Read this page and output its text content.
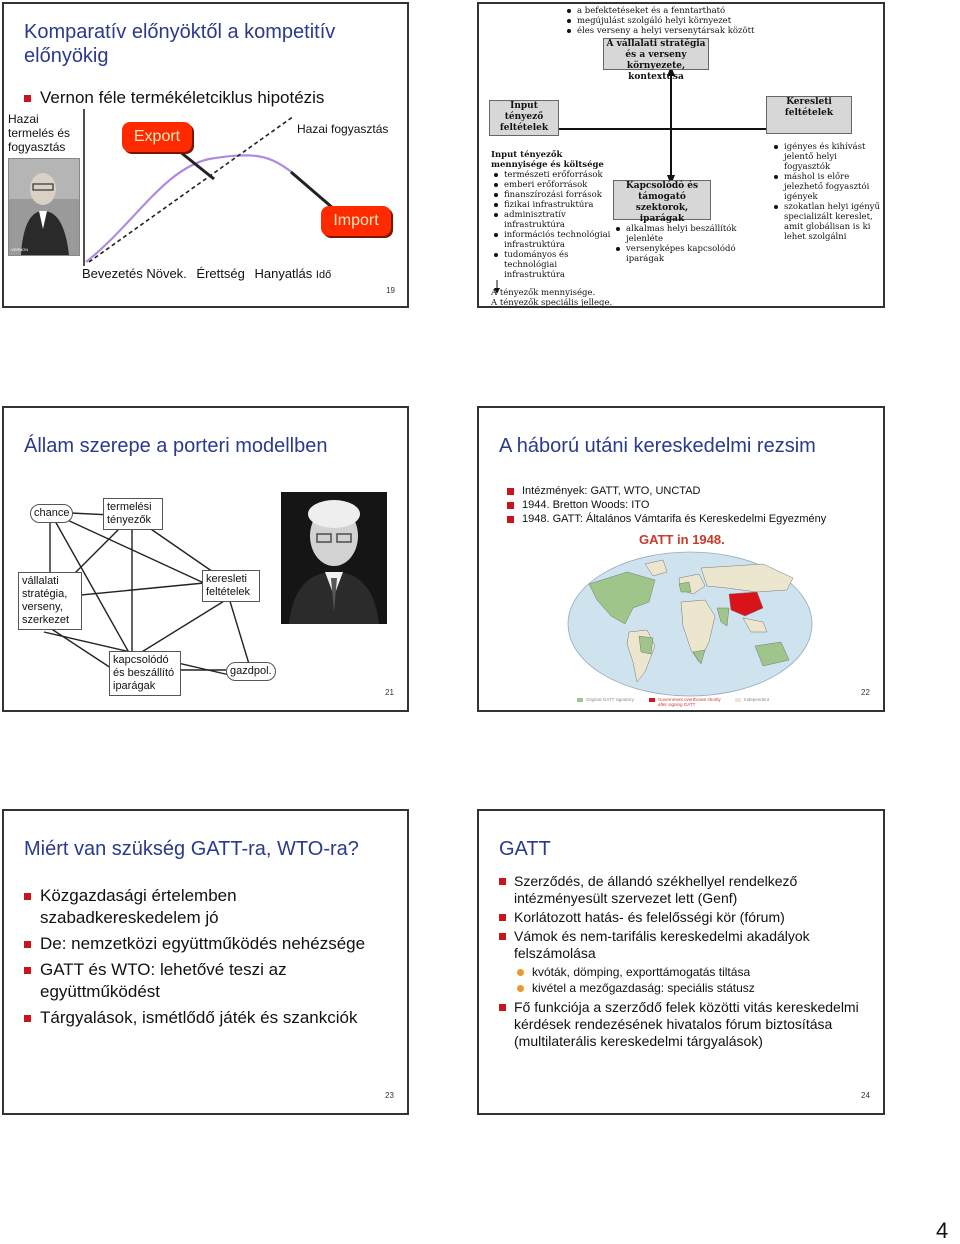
Komparatív előnyöktől a kompetitív előnyökig
Vernon féle termékéletciklus hipotézis
Hazai termelés és fogyasztás
VERNON
Export
Import
Hazai fogyasztás
Bevezetés Növek. Érettség Hanyatlás Idő
19
a befektetéseket és a fenntartható
megújulást szolgáló helyi környezet
éles verseny a helyi versenytársak között
A vállalati stratégia és a verseny környezete, kontextusa
Input tényező feltételek
Keresleti feltételek
Kapcsolódó és támogató szektorok, iparágak
Input tényezők mennyisége és költsége
természeti erőforrások
emberi erőforrások
finanszírozási források
fizikai infrastruktúra
adminisztratív infrastruktúra
információs technológiai infrastruktúra
tudományos és technológiai infrastruktúra
A tényezők mennyisége.
A tényezők speciális jellege.
igényes és kihívást jelentő helyi fogyasztók
máshol is előre jelezhető fogyasztói igények
szokatlan helyi igényű specializált kereslet, amit globálisan is ki lehet szolgálni
alkalmas helyi beszállítók jelenléte
versenyképes kapcsolódó iparágak
Állam szerepe a porteri modellben
chance	termelési tényezők
vállalati stratégia, verseny, szerkezet
keresleti feltételek
kapcsolódó és beszállító iparágak
gazdpol.
21
A háború utáni kereskedelmi rezsim
Intézmények: GATT, WTO, UNCTAD
1944. Bretton Woods: ITO
1948. GATT: Általános Vámtarifa és Kereskedelmi Egyezmény
GATT in 1948.
Original GATT signatory	Government overthrown shortly after signing GATT
Independent
22
Miért van szükség GATT-ra, WTO-ra?
Közgazdasági értelemben szabadkereskedelem jó
De: nemzetközi együttműködés nehézsége
GATT és WTO: lehetővé teszi az együttműködést
Tárgyalások, ismétlődő játék és szankciók
23
GATT
Szerződés, de állandó székhellyel rendelkező intézményesült szervezet lett (Genf)
Korlátozott hatás- és felelősségi kör (fórum)
Vámok és nem-tarifális kereskedelmi akadályok felszámolása
kvóták, dömping, exporttámogatás tiltása
kivétel a mezőgazdaság: speciális státusz
Fő funkciója a szerződő felek közötti vitás kereskedelmi kérdések rendezésének hivatalos fórum biztosítása (multilaterális kereskedelmi tárgyalások)
24
4
